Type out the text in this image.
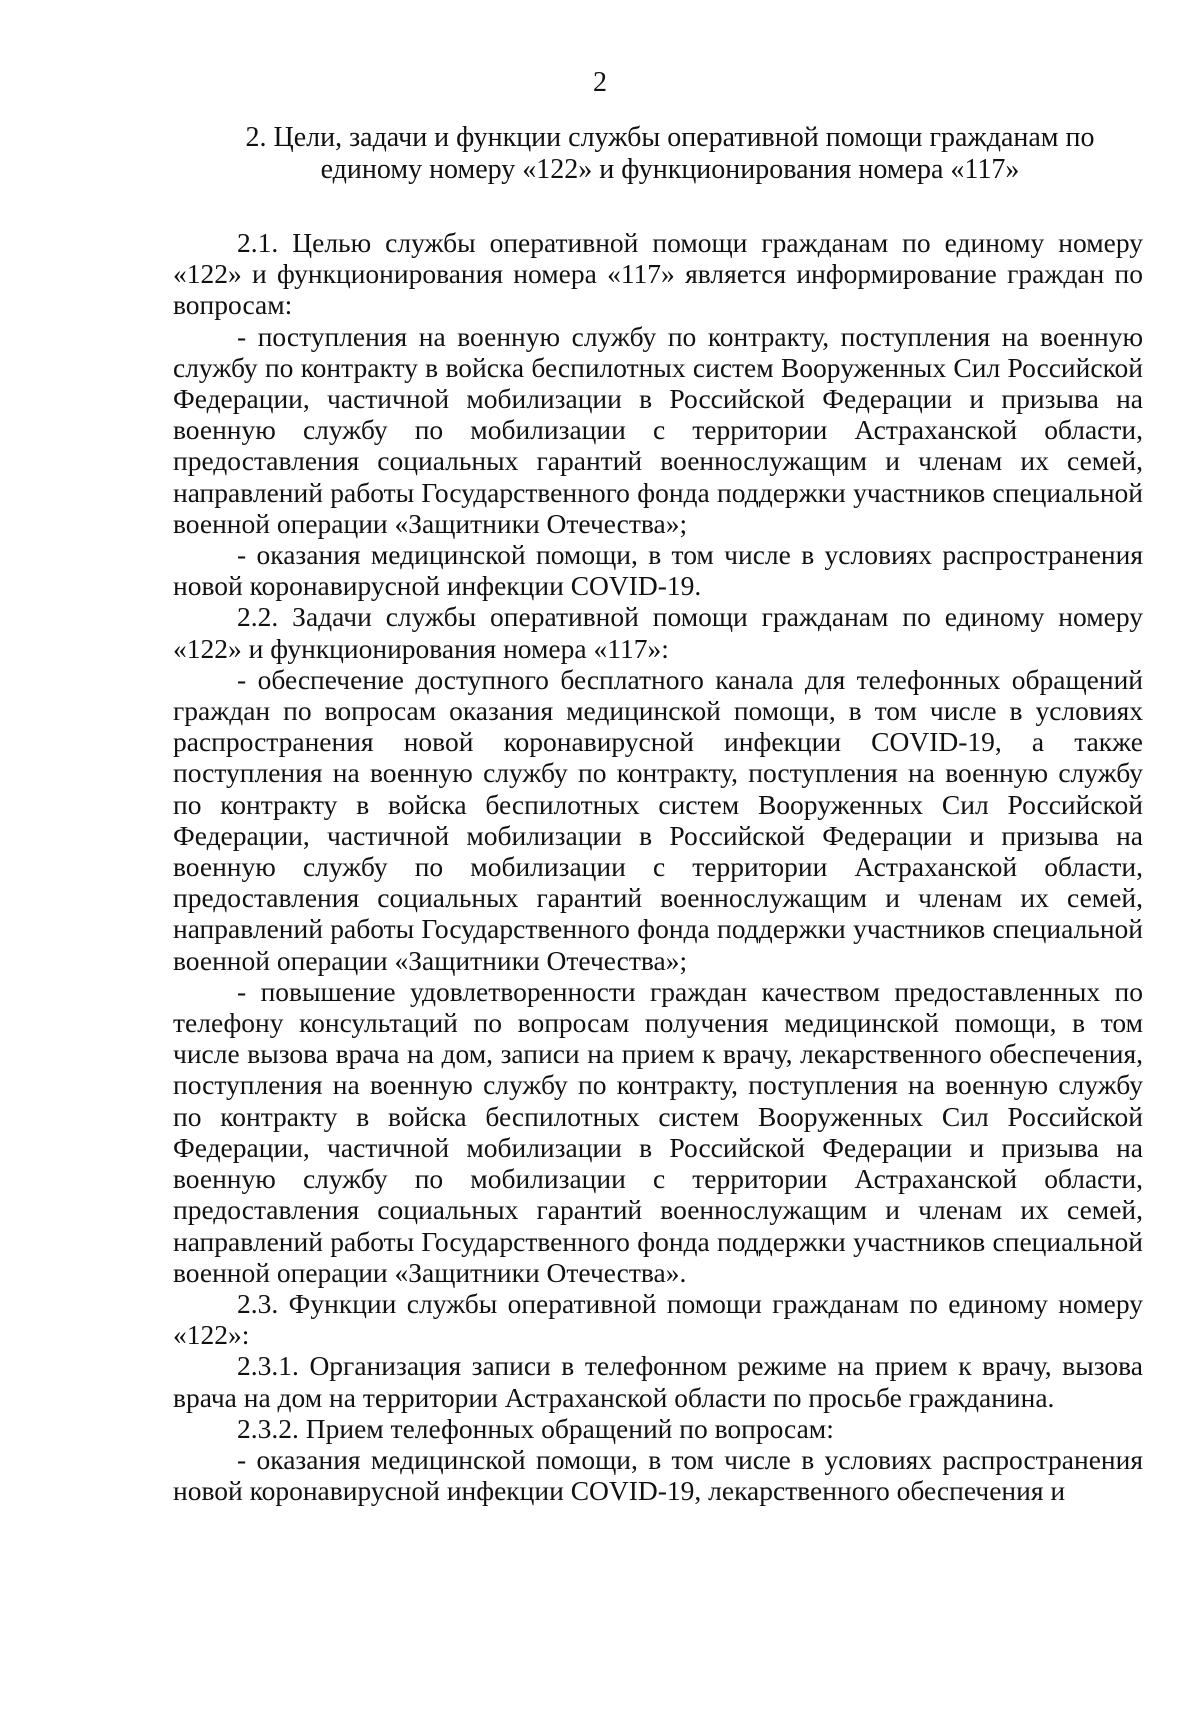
2
2. Цели, задачи и функции службы оперативной помощи гражданам по
единому номеру «122» и функционирования номера «117»

2.1. Целью службы оперативной помощи гражданам по единому номеру «122» и функционирования номера «117» является информирование граждан по вопросам:

- поступления на военную службу по контракту, поступления на военную службу по контракту в войска беспилотных систем Вооруженных Сил Российской Федерации, частичной мобилизации в Российской Федерации и призыва на военную службу по мобилизации с территории Астраханской области, предоставления социальных гарантий военнослужащим и членам их семей, направлений работы Государственного фонда поддержки участников специальной военной операции «Защитники Отечества»;

- оказания медицинской помощи, в том числе в условиях распространения новой коронавирусной инфекции COVID-19.

2.2. Задачи службы оперативной помощи гражданам по единому номеру «122» и функционирования номера «117»:

- обеспечение доступного бесплатного канала для телефонных обращений граждан по вопросам оказания медицинской помощи, в том числе в условиях распространения новой коронавирусной инфекции COVID-19, а также поступления на военную службу по контракту, поступления на военную службу по контракту в войска беспилотных систем Вооруженных Сил Российской Федерации, частичной мобилизации в Российской Федерации и призыва на военную службу по мобилизации с территории Астраханской области, предоставления социальных гарантий военнослужащим и членам их семей, направлений работы Государственного фонда поддержки участников специальной военной операции «Защитники Отечества»;

- повышение удовлетворенности граждан качеством предоставленных по телефону консультаций по вопросам получения медицинской помощи, в том числе вызова врача на дом, записи на прием к врачу, лекарственного обеспечения, поступления на военную службу по контракту, поступления на военную службу по контракту в войска беспилотных систем Вооруженных Сил Российской Федерации, частичной мобилизации в Российской Федерации и призыва на военную службу по мобилизации с территории Астраханской области, предоставления социальных гарантий военнослужащим и членам их семей, направлений работы Государственного фонда поддержки участников специальной военной операции «Защитники Отечества».

2.3. Функции службы оперативной помощи гражданам по единому номеру «122»:

2.3.1. Организация записи в телефонном режиме на прием к врачу, вызова врача на дом на территории Астраханской области по просьбе гражданина.

2.3.2. Прием телефонных обращений по вопросам:

- оказания медицинской помощи, в том числе в условиях распространения новой коронавирусной инфекции COVID-19, лекарственного обеспечения и
